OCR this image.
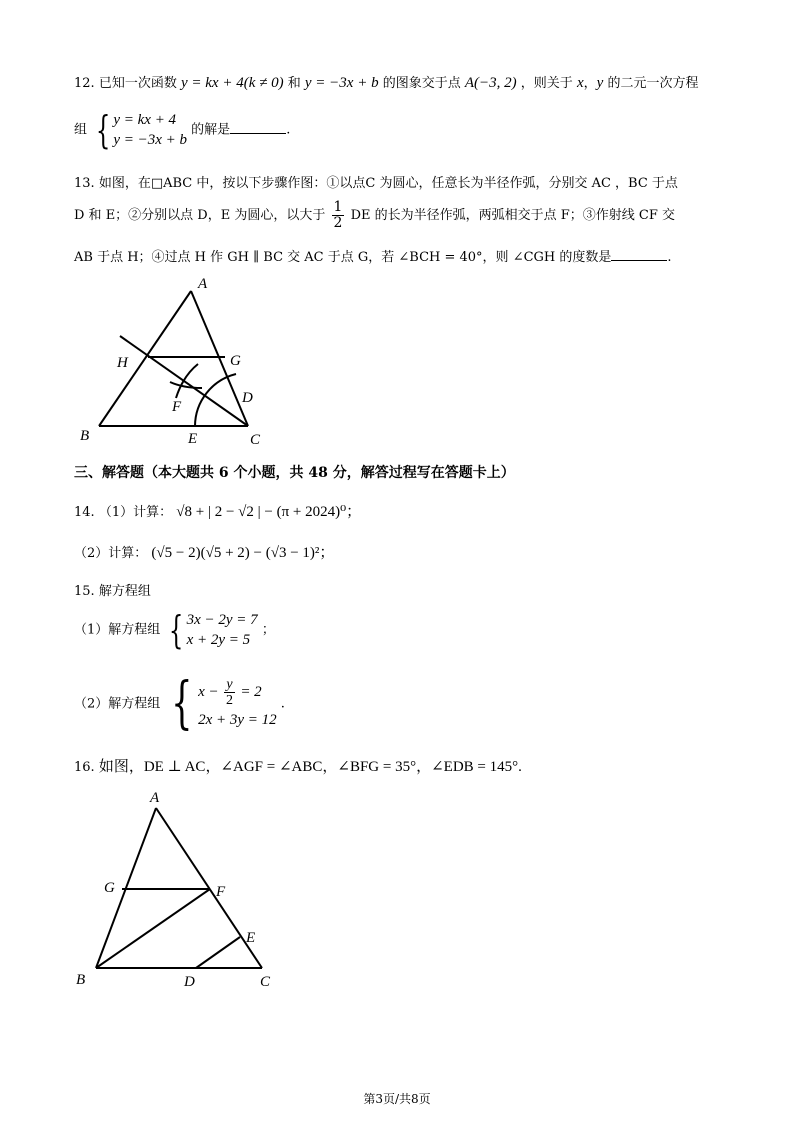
12. 已知一次函数 y = kx + 4(k ≠ 0) 和 y = −3x + b 的图象交于点 A(−3, 2) ，则关于 x，y 的二元一次方程
组 { y = kx + 4
y = −3x + b
的解是	.
13. 如图，在□ABC 中，按以下步骤作图：①以点C 为圆心，任意长为半径作弧，分别交 AC ，BC 于点
D 和 E；②分别以点 D，E 为圆心，以大于 $\frac{1}{2}$ DE 的长为半径作弧，两弧相交于点 F；③作射线 CF 交
AB 于点 H；④过点 H 作 GH ∥ BC 交 AC 于点 G，若 ∠BCH = 40°，则 ∠CGH 的度数是	.
A
B	C
D
E
F
G
H
三、解答题（本大题共 6 个小题，共 48 分，解答过程写在答题卡上）
14. （1）计算： √8 + | 2 − √2 | − (π + 2024)⁰；
（2）计算： (√5 − 2)(√5 + 2) − (√3 − 1)²；
15. 解方程组
（1）解方程组 { 3x − 2y = 7
x + 2y = 5
；
（2）解方程组 { $x - \frac{y}{2} = 2$
2x + 3y = 12
.
16. 如图，DE ⊥ AC，∠AGF = ∠ABC，∠BFG = 35°，∠EDB = 145°.
A
B	C
D
E
F
G
第3页/共8页
